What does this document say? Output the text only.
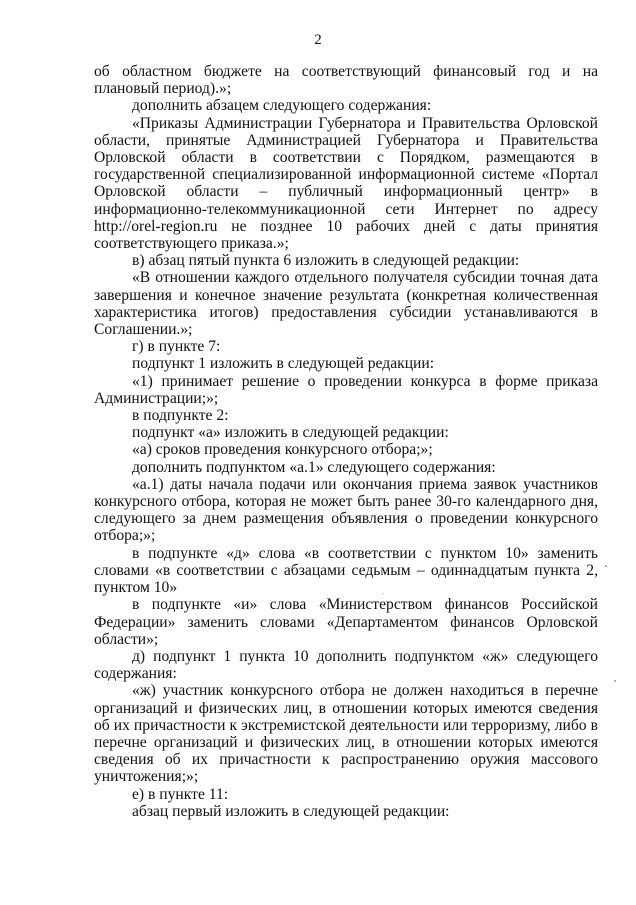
2

об областном бюджете на соответствующий финансовый год и на плановый период).»;

дополнить абзацем следующего содержания:

«Приказы Администрации Губернатора и Правительства Орловской области, принятые Администрацией Губернатора и Правительства Орловской области в соответствии с Порядком, размещаются в государственной специализированной информационной системе «Портал Орловской области – публичный информационный центр» в информационно-телекоммуникационной сети Интернет по адресу http://orel-region.ru не позднее 10 рабочих дней с даты принятия соответствующего приказа.»;

в) абзац пятый пункта 6 изложить в следующей редакции:

«В отношении каждого отдельного получателя субсидии точная дата завершения и конечное значение результата (конкретная количественная характеристика итогов) предоставления субсидии устанавливаются в Соглашении.»;

г) в пункте 7:

подпункт 1 изложить в следующей редакции:

«1) принимает решение о проведении конкурса в форме приказа Администрации;»;

в подпункте 2:

подпункт «а» изложить в следующей редакции:

«а) сроков проведения конкурсного отбора;»;

дополнить подпунктом «а.1» следующего содержания:

«а.1) даты начала подачи или окончания приема заявок участников конкурсного отбора, которая не может быть ранее 30-го календарного дня, следующего за днем размещения объявления о проведении конкурсного отбора;»;

в подпункте «д» слова «в соответствии с пунктом 10» заменить словами «в соответствии с абзацами седьмым – одиннадцатым пункта 2, пунктом 10»

в подпункте «и» слова «Министерством финансов Российской Федерации» заменить словами «Департаментом финансов Орловской области»;

д) подпункт 1 пункта 10 дополнить подпунктом «ж» следующего содержания:

«ж) участник конкурсного отбора не должен находиться в перечне организаций и физических лиц, в отношении которых имеются сведения об их причастности к экстремистской деятельности или терроризму, либо в перечне организаций и физических лиц, в отношении которых имеются сведения об их причастности к распространению оружия массового уничтожения;»;

е) в пункте 11:

абзац первый изложить в следующей редакции:
